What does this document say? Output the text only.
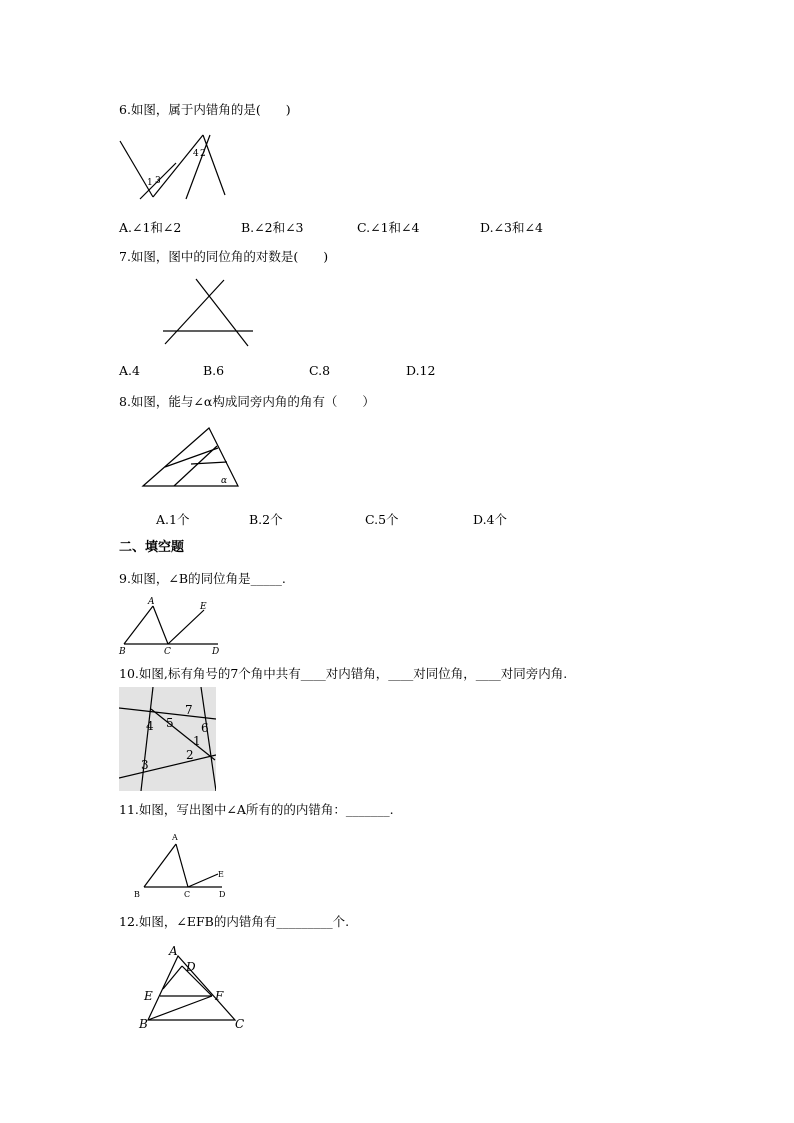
6.如图，属于内错角的是(　　)
1 3
4 2
A.∠1和∠2	B.∠2和∠3	C.∠1和∠4	D.∠3和∠4
7.如图，图中的同位角的对数是(　　)
A.4	B.6	C.8	D.12
8.如图，能与∠α构成同旁内角的角有（　　）
α
A.1个	B.2个	C.5个	D.4个
二、填空题
9.如图，∠B的同位角是_____.
A	E
B	C	D
10.如图,标有角号的7个角中共有____对内错角，____对同位角，____对同旁内角.
7
4 5 6
1
2
3
11.如图，写出图中∠A所有的的内错角：_______.
A
E
B	C	D
12.如图，∠EFB的内错角有_________个.
A
D
E	F
B	C
